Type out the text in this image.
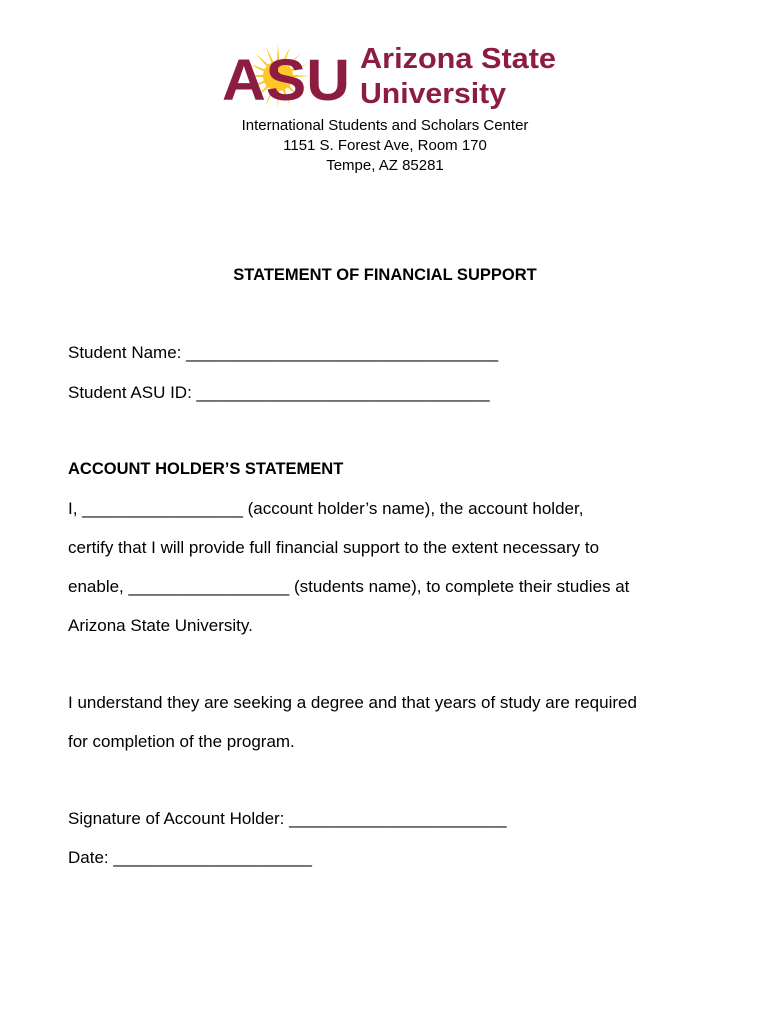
ASU Arizona State
University
International Students and Scholars Center
1151 S. Forest Ave, Room 170
Tempe, AZ 85281
STATEMENT OF FINANCIAL SUPPORT
Student Name: _________________________________
Student ASU ID: _______________________________
ACCOUNT HOLDER’S STATEMENT
I, _________________ (account holder’s name), the account holder,
certify that I will provide full financial support to the extent necessary to
enable, _________________ (students name), to complete their studies at
Arizona State University.
I understand they are seeking a degree and that years of study are required
for completion of the program.
Signature of Account Holder: _______________________
Date: _____________________
